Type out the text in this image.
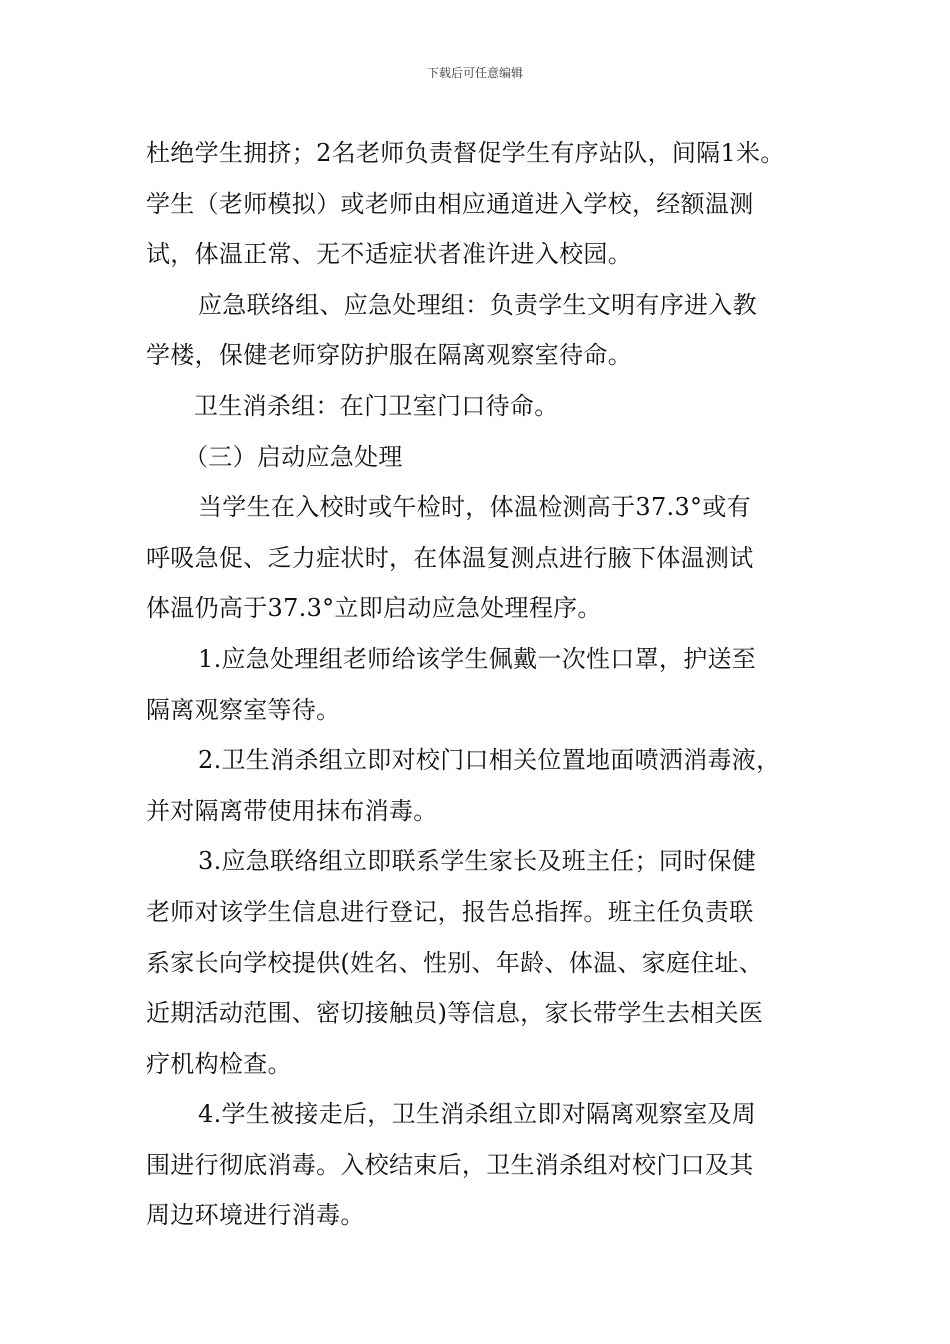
下载后可任意编辑
杜绝学生拥挤；2名老师负责督促学生有序站队，间隔1米。
学生（老师模拟）或老师由相应通道进入学校，经额温测
试，体温正常、无不适症状者准许进入校园。
应急联络组、应急处理组：负责学生文明有序进入教
学楼，保健老师穿防护服在隔离观察室待命。
卫生消杀组：在门卫室门口待命。
（三）启动应急处理
当学生在入校时或午检时，体温检测高于37.3°或有
呼吸急促、乏力症状时，在体温复测点进行腋下体温测试
体温仍高于37.3°立即启动应急处理程序。
1.应急处理组老师给该学生佩戴一次性口罩，护送至
隔离观察室等待。
2.卫生消杀组立即对校门口相关位置地面喷洒消毒液，
并对隔离带使用抹布消毒。
3.应急联络组立即联系学生家长及班主任；同时保健
老师对该学生信息进行登记，报告总指挥。班主任负责联
系家长向学校提供(姓名、性别、年龄、体温、家庭住址、
近期活动范围、密切接触员)等信息，家长带学生去相关医
疗机构检查。
4.学生被接走后，卫生消杀组立即对隔离观察室及周
围进行彻底消毒。入校结束后，卫生消杀组对校门口及其
周边环境进行消毒。
